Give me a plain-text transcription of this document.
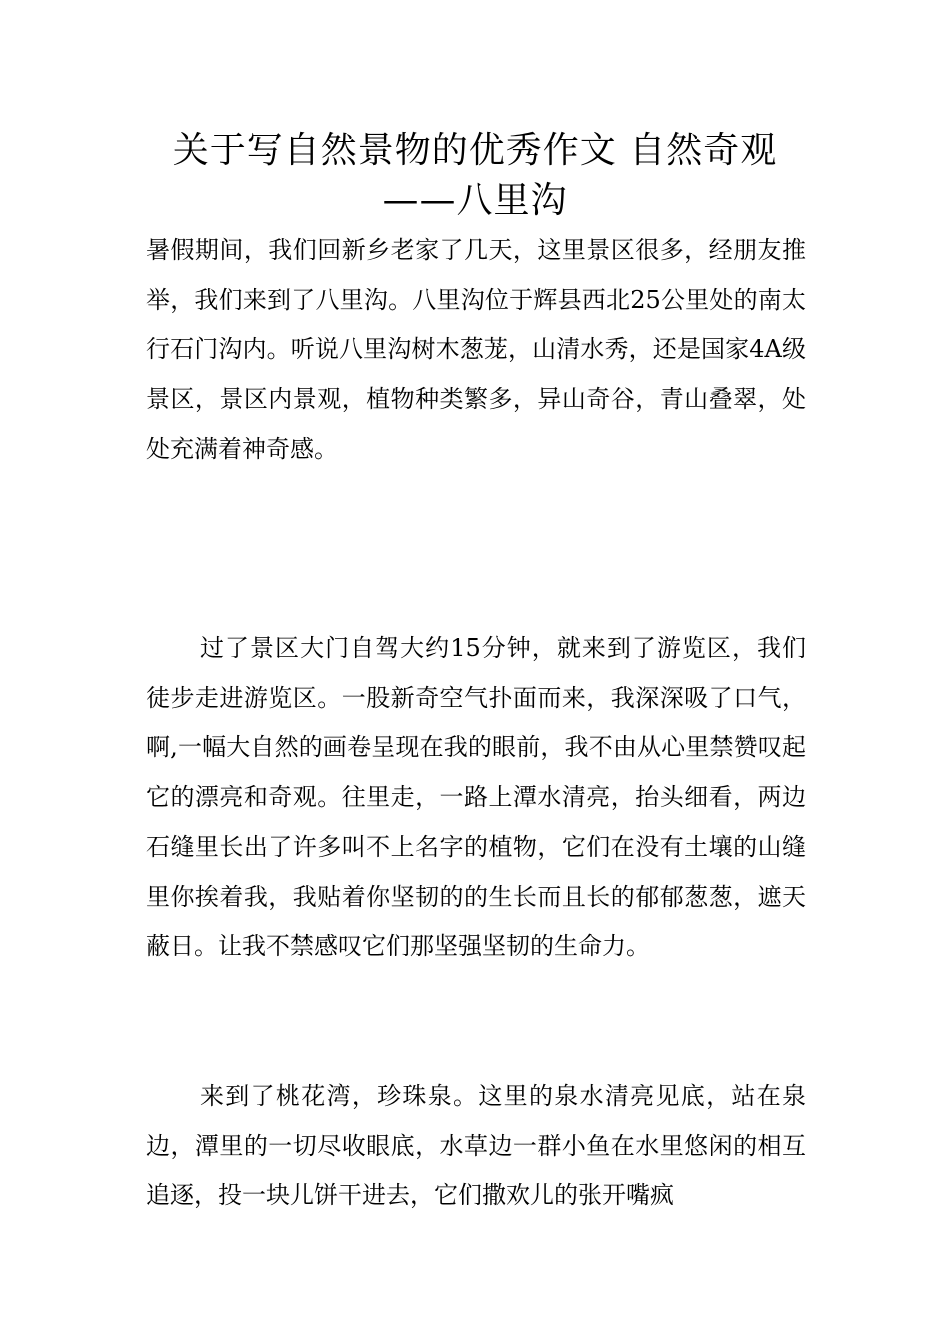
关于写自然景物的优秀作文 自然奇观
——八里沟

暑假期间，我们回新乡老家了几天，这里景区很多，经朋友推举，我们来到了八里沟。八里沟位于辉县西北25公里处的南太行石门沟内。听说八里沟树木葱茏，山清水秀，还是国家4A级景区，景区内景观，植物种类繁多，异山奇谷，青山叠翠，处处充满着神奇感。

过了景区大门自驾大约15分钟，就来到了游览区，我们徒步走进游览区。一股新奇空气扑面而来，我深深吸了口气，啊,一幅大自然的画卷呈现在我的眼前，我不由从心里禁赞叹起它的漂亮和奇观。往里走，一路上潭水清亮，抬头细看，两边石缝里长出了许多叫不上名字的植物，它们在没有土壤的山缝里你挨着我，我贴着你坚韧的的生长而且长的郁郁葱葱，遮天蔽日。让我不禁感叹它们那坚强坚韧的生命力。

来到了桃花湾，珍珠泉。这里的泉水清亮见底，站在泉边，潭里的一切尽收眼底，水草边一群小鱼在水里悠闲的相互追逐，投一块儿饼干进去，它们撒欢儿的张开嘴疯
